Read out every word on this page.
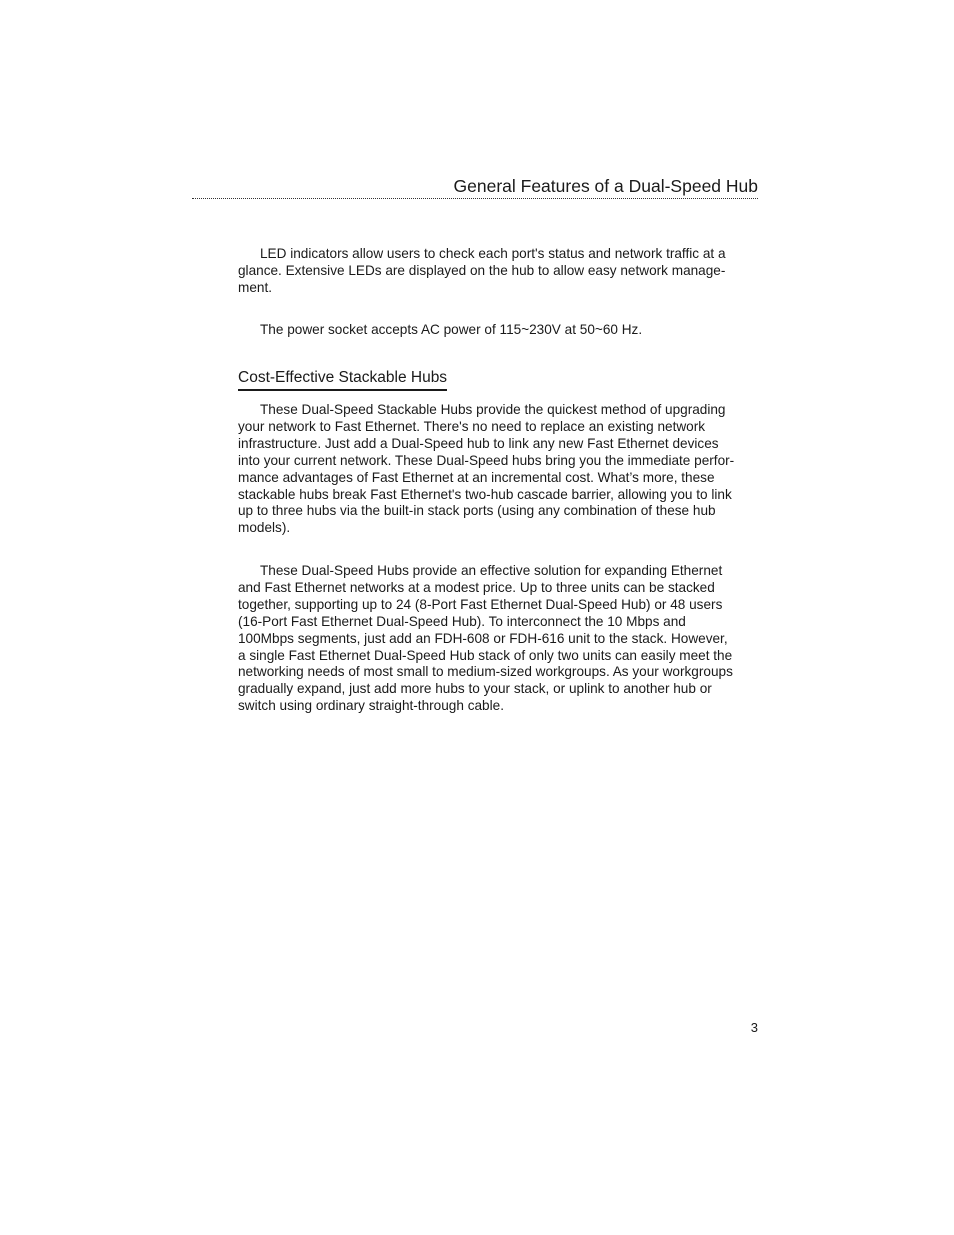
General Features of a Dual-Speed Hub

LED indicators allow users to check each port's status and network traffic at a
glance. Extensive LEDs are displayed on the hub to allow easy network manage-
ment.

The power socket accepts AC power of 115~230V at 50~60 Hz.

Cost-Effective Stackable Hubs

These Dual-Speed Stackable Hubs provide the quickest method of upgrading
your network to Fast Ethernet. There's no need to replace an existing network
infrastructure. Just add a Dual-Speed hub to link any new Fast Ethernet devices
into your current network. These Dual-Speed hubs bring you the immediate perfor-
mance advantages of Fast Ethernet at an incremental cost. What’s more, these
stackable hubs break Fast Ethernet's two-hub cascade barrier, allowing you to link
up to three hubs via the built-in stack ports (using any combination of these hub
models).

These Dual-Speed Hubs provide an effective solution for expanding Ethernet
and Fast Ethernet networks at a modest price. Up to three units can be stacked
together, supporting up to 24 (8-Port Fast Ethernet Dual-Speed Hub) or 48 users
(16-Port Fast Ethernet Dual-Speed Hub). To interconnect the 10 Mbps and
100Mbps segments, just add an FDH-608 or FDH-616 unit to the stack. However,
a single Fast Ethernet Dual-Speed Hub stack of only two units can easily meet the
networking needs of most small to medium-sized workgroups. As your workgroups
gradually expand, just add more hubs to your stack, or uplink to another hub or
switch using ordinary straight-through cable.

3
